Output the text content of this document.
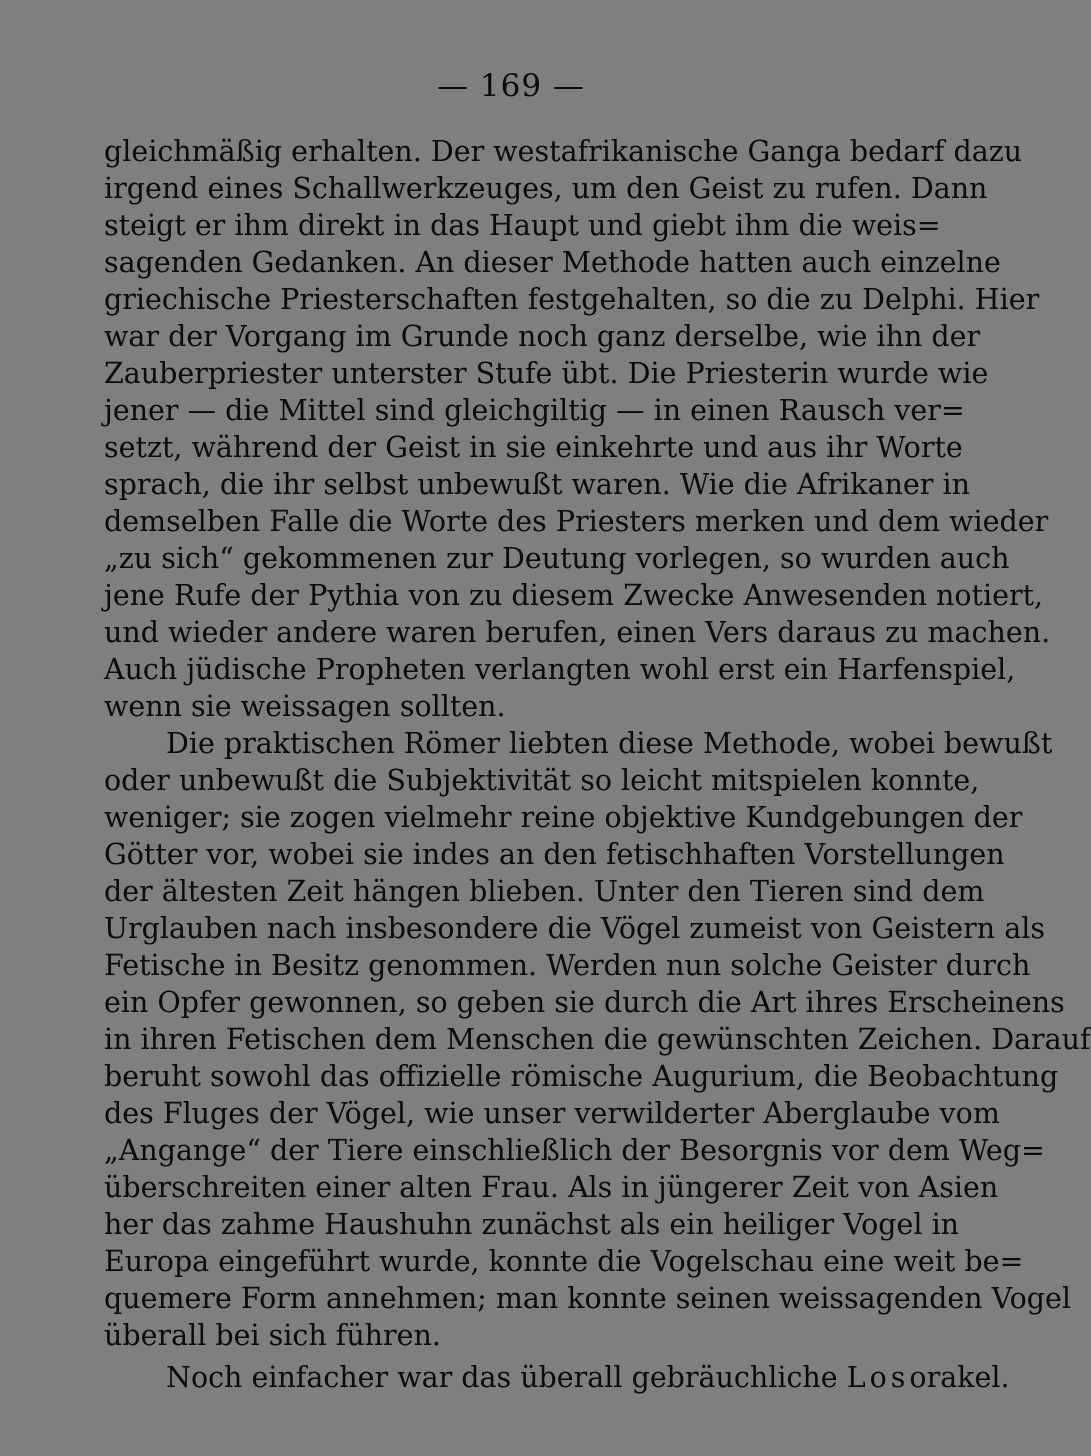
— 169 —
gleichmäßig erhalten. Der westafrikanische Ganga bedarf dazu
irgend eines Schallwerkzeuges, um den Geist zu rufen. Dann
steigt er ihm direkt in das Haupt und giebt ihm die weis=
sagenden Gedanken. An dieser Methode hatten auch einzelne
griechische Priesterschaften festgehalten, so die zu Delphi. Hier
war der Vorgang im Grunde noch ganz derselbe, wie ihn der
Zauberpriester unterster Stufe übt. Die Priesterin wurde wie
jener — die Mittel sind gleichgiltig — in einen Rausch ver=
setzt, während der Geist in sie einkehrte und aus ihr Worte
sprach, die ihr selbst unbewußt waren. Wie die Afrikaner in
demselben Falle die Worte des Priesters merken und dem wieder
„zu sich“ gekommenen zur Deutung vorlegen, so wurden auch
jene Rufe der Pythia von zu diesem Zwecke Anwesenden notiert,
und wieder andere waren berufen, einen Vers daraus zu machen.
Auch jüdische Propheten verlangten wohl erst ein Harfenspiel,
wenn sie weissagen sollten.
Die praktischen Römer liebten diese Methode, wobei bewußt
oder unbewußt die Subjektivität so leicht mitspielen konnte,
weniger; sie zogen vielmehr reine objektive Kundgebungen der
Götter vor, wobei sie indes an den fetischhaften Vorstellungen
der ältesten Zeit hängen blieben. Unter den Tieren sind dem
Urglauben nach insbesondere die Vögel zumeist von Geistern als
Fetische in Besitz genommen. Werden nun solche Geister durch
ein Opfer gewonnen, so geben sie durch die Art ihres Erscheinens
in ihren Fetischen dem Menschen die gewünschten Zeichen. Darauf
beruht sowohl das offizielle römische Augurium, die Beobachtung
des Fluges der Vögel, wie unser verwilderter Aberglaube vom
„Angange“ der Tiere einschließlich der Besorgnis vor dem Weg=
überschreiten einer alten Frau. Als in jüngerer Zeit von Asien
her das zahme Haushuhn zunächst als ein heiliger Vogel in
Europa eingeführt wurde, konnte die Vogelschau eine weit be=
quemere Form annehmen; man konnte seinen weissagenden Vogel
überall bei sich führen.
Noch einfacher war das überall gebräuchliche Losorakel.
